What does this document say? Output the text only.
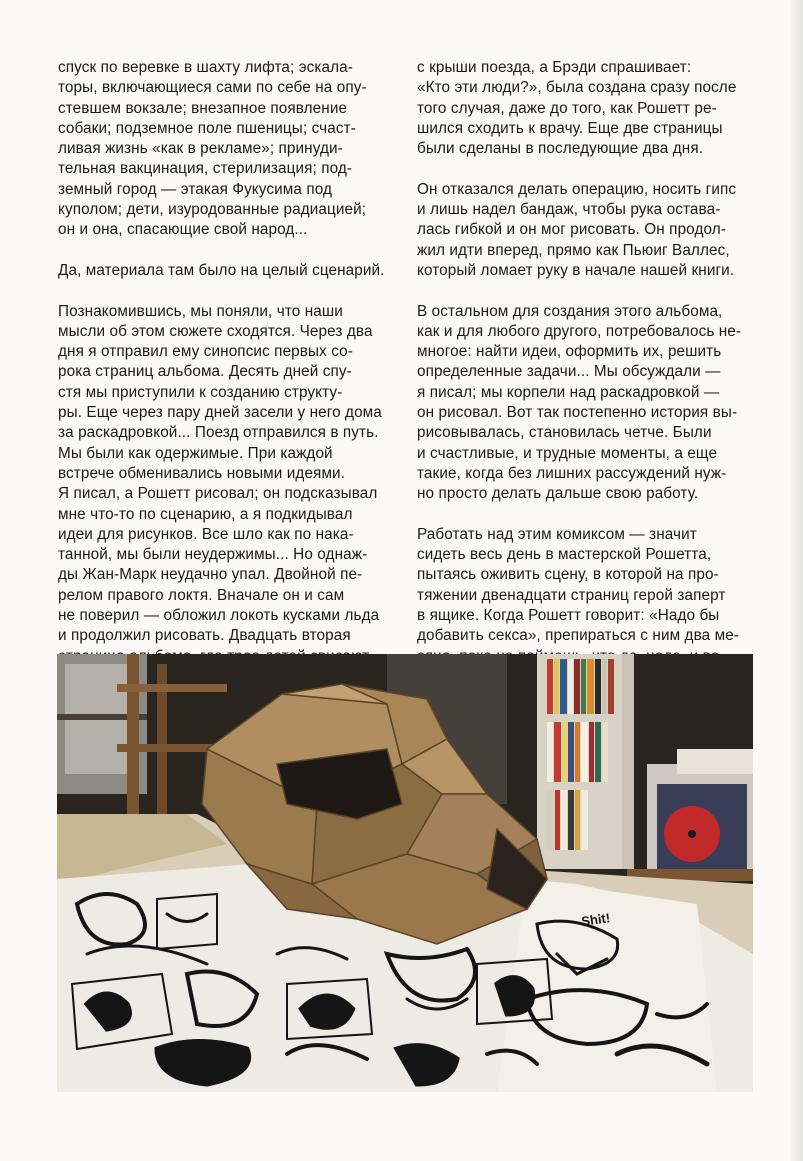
спуск по веревке в шахту лифта; эскала-
торы, включающиеся сами по себе на опу-
стевшем вокзале; внезапное появление
собаки; подземное поле пшеницы; счаст-
ливая жизнь «как в рекламе»; принуди-
тельная вакцинация, стерилизация; под-
земный город — этакая Фукусима под
куполом; дети, изуродованные радиацией;
он и она, спасающие свой народ...
Да, материала там было на целый сценарий.
Познакомившись, мы поняли, что наши
мысли об этом сюжете сходятся. Через два
дня я отправил ему синопсис первых со-
рока страниц альбома. Десять дней спу-
стя мы приступили к созданию структу-
ры. Еще через пару дней засели у него дома
за раскадровкой... Поезд отправился в путь.
Мы были как одержимые. При каждой
встрече обменивались новыми идеями.
Я писал, а Рошетт рисовал; он подсказывал
мне что-то по сценарию, а я подкидывал
идеи для рисунков. Все шло как по нака-
танной, мы были неудержимы... Но однаж-
ды Жан-Марк неудачно упал. Двойной пе-
релом правого локтя. Вначале он и сам
не поверил — обложил локоть кусками льда
и продолжил рисовать. Двадцать вторая
с крыши поезда, а Брэди спрашивает:
«Кто эти люди?», была создана сразу после
того случая, даже до того, как Рошетт ре-
шился сходить к врачу. Еще две страницы
были сделаны в последующие два дня.
Он отказался делать операцию, носить гипс
и лишь надел бандаж, чтобы рука остава-
лась гибкой и он мог рисовать. Он продол-
жил идти вперед, прямо как Пьюиг Валлес,
который ломает руку в начале нашей книги.
В остальном для создания этого альбома,
как и для любого другого, потребовалось не-
многое: найти идеи, оформить их, решить
определенные задачи... Мы обсуждали —
я писал; мы корпели над раскадровкой —
он рисовал. Вот так постепенно история вы-
рисовывалась, становилась четче. Были
и счастливые, и трудные моменты, а еще
такие, когда без лишних рассуждений нуж-
но просто делать дальше свою работу.
Работать над этим комиксом — значит
сидеть весь день в мастерской Рошетта,
пытаясь оживить сцену, в которой на про-
тяжении двенадцати страниц герой заперт
в ящике. Когда Рошетт говорит: «Надо бы
добавить секса», препираться с ним два ме-
Shit!
